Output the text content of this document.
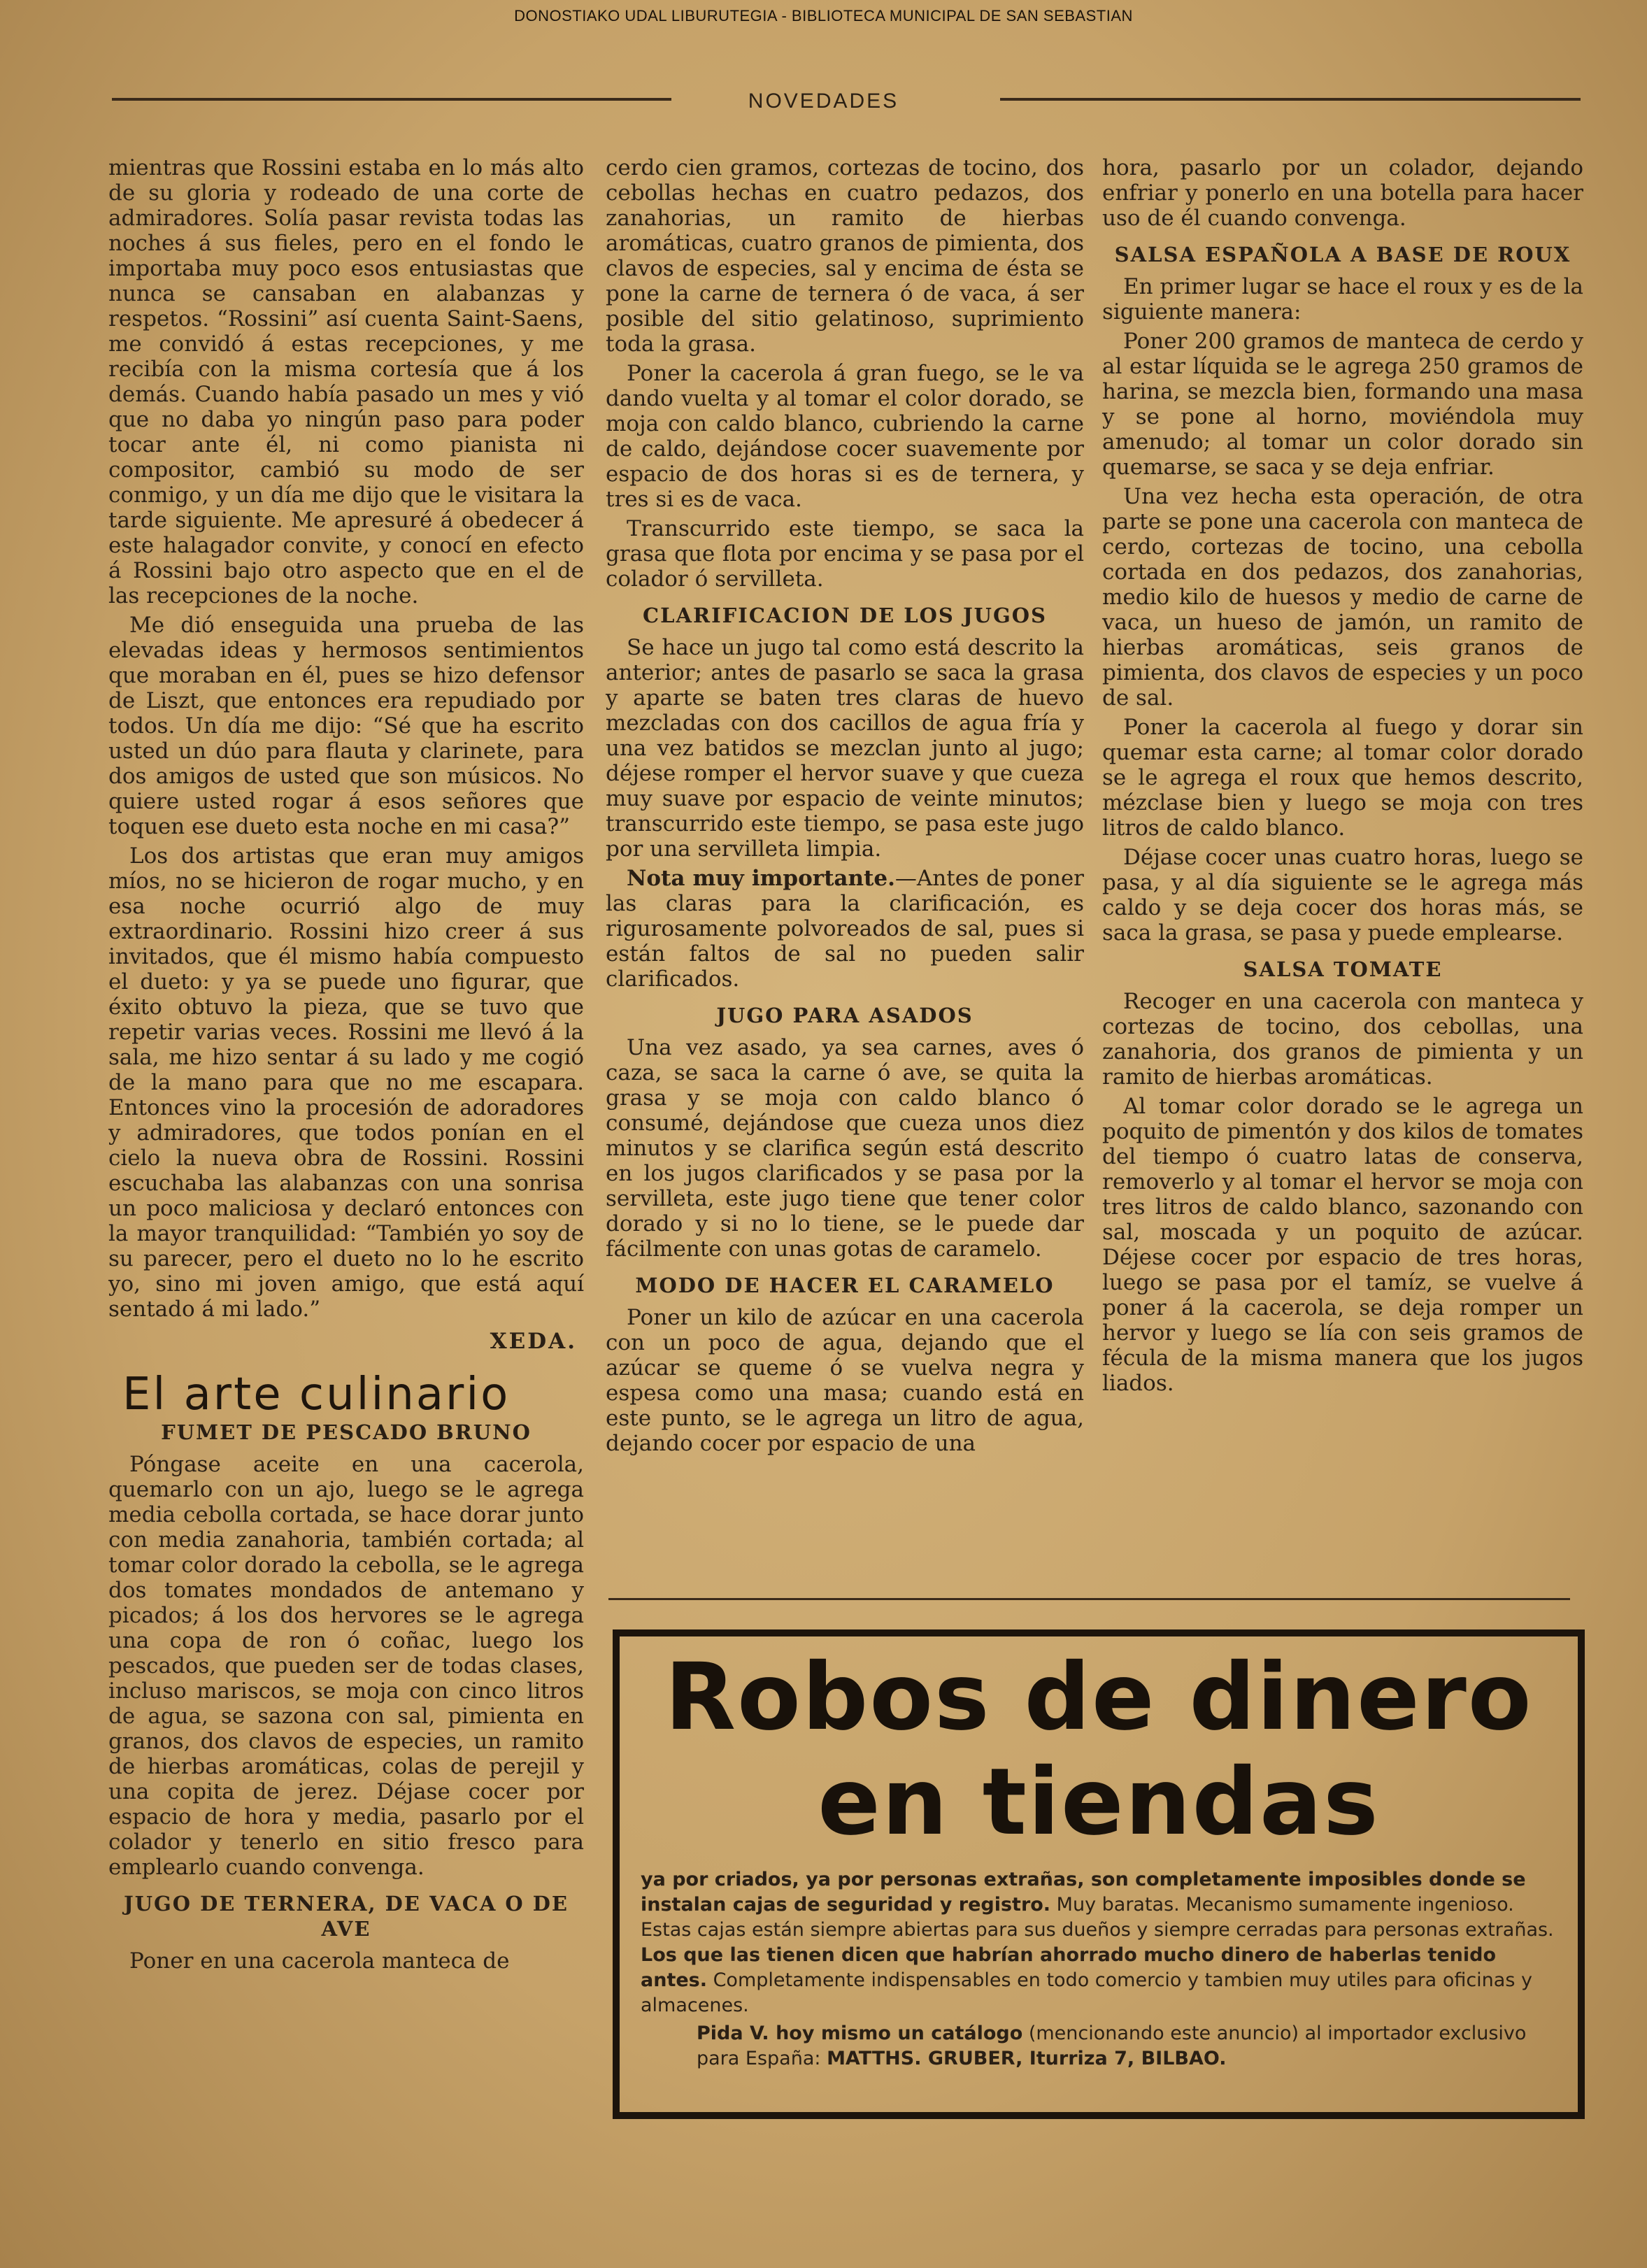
DONOSTIAKO UDAL LIBURUTEGIA - BIBLIOTECA MUNICIPAL DE SAN SEBASTIAN
NOVEDADES

mientras que Rossini estaba en lo más alto de su gloria y rodeado de una corte de admiradores. Solía pasar revista todas las noches á sus fieles, pero en el fondo le importaba muy poco esos entusiastas que nunca se cansaban en alabanzas y respetos. “Rossini” así cuenta Saint-Saens, me convidó á estas recepciones, y me recibía con la misma cortesía que á los demás. Cuando había pasado un mes y vió que no daba yo ningún paso para poder tocar ante él, ni como pianista ni compositor, cambió su modo de ser conmigo, y un día me dijo que le visitara la tarde siguiente. Me apresuré á obedecer á este halagador convite, y conocí en efecto á Rossini bajo otro aspecto que en el de las recepciones de la noche.

Me dió enseguida una prueba de las elevadas ideas y hermosos sentimientos que moraban en él, pues se hizo defensor de Liszt, que entonces era repudiado por todos. Un día me dijo: “Sé que ha escrito usted un dúo para flauta y clarinete, para dos amigos de usted que son músicos. No quiere usted rogar á esos señores que toquen ese dueto esta noche en mi casa?”

Los dos artistas que eran muy amigos míos, no se hicieron de rogar mucho, y en esa noche ocurrió algo de muy extraordinario. Rossini hizo creer á sus invitados, que él mismo había compuesto el dueto: y ya se puede uno figurar, que éxito obtuvo la pieza, que se tuvo que repetir varias veces. Rossini me llevó á la sala, me hizo sentar á su lado y me cogió de la mano para que no me escapara. Entonces vino la procesión de adoradores y admiradores, que todos ponían en el cielo la nueva obra de Rossini. Rossini escuchaba las alabanzas con una sonrisa un poco maliciosa y declaró entonces con la mayor tranquilidad: “También yo soy de su parecer, pero el dueto no lo he escrito yo, sino mi joven amigo, que está aquí sentado á mi lado.”

XEDA.
El arte culinario
FUMET DE PESCADO BRUNO

Póngase aceite en una cacerola, quemarlo con un ajo, luego se le agrega media cebolla cortada, se hace dorar junto con media zanahoria, también cortada; al tomar color dorado la cebolla, se le agrega dos tomates mondados de antemano y picados; á los dos hervores se le agrega una copa de ron ó coñac, luego los pescados, que pueden ser de todas clases, incluso mariscos, se moja con cinco litros de agua, se sazona con sal, pimienta en granos, dos clavos de especies, un ramito de hierbas aromáticas, colas de perejil y una copita de jerez. Déjase cocer por espacio de hora y media, pasarlo por el colador y tenerlo en sitio fresco para emplearlo cuando convenga.

JUGO DE TERNERA, DE VACA O DE AVE

Poner en una cacerola manteca de

cerdo cien gramos, cortezas de tocino, dos cebollas hechas en cuatro pedazos, dos zanahorias, un ramito de hierbas aromáticas, cuatro granos de pimienta, dos clavos de especies, sal y encima de ésta se pone la carne de ternera ó de vaca, á ser posible del sitio gelatinoso, suprimiento toda la grasa.

Poner la cacerola á gran fuego, se le va dando vuelta y al tomar el color dorado, se moja con caldo blanco, cubriendo la carne de caldo, dejándose cocer suavemente por espacio de dos horas si es de ternera, y tres si es de vaca.

Transcurrido este tiempo, se saca la grasa que flota por encima y se pasa por el colador ó servilleta.

CLARIFICACION DE LOS JUGOS

Se hace un jugo tal como está descrito la anterior; antes de pasarlo se saca la grasa y aparte se baten tres claras de huevo mezcladas con dos cacillos de agua fría y una vez batidos se mezclan junto al jugo; déjese romper el hervor suave y que cueza muy suave por espacio de veinte minutos; transcurrido este tiempo, se pasa este jugo por una servilleta limpia.

Nota muy importante.—Antes de poner las claras para la clarificación, es rigurosamente polvoreados de sal, pues si están faltos de sal no pueden salir clarificados.

JUGO PARA ASADOS

Una vez asado, ya sea carnes, aves ó caza, se saca la carne ó ave, se quita la grasa y se moja con caldo blanco ó consumé, dejándose que cueza unos diez minutos y se clarifica según está descrito en los jugos clarificados y se pasa por la servilleta, este jugo tiene que tener color dorado y si no lo tiene, se le puede dar fácilmente con unas gotas de caramelo.

MODO DE HACER EL CARAMELO

Poner un kilo de azúcar en una cacerola con un poco de agua, dejando que el azúcar se queme ó se vuelva negra y espesa como una masa; cuando está en este punto, se le agrega un litro de agua, dejando cocer por espacio de una

hora, pasarlo por un colador, dejando enfriar y ponerlo en una botella para hacer uso de él cuando convenga.

SALSA ESPAÑOLA A BASE DE ROUX

En primer lugar se hace el roux y es de la siguiente manera:

Poner 200 gramos de manteca de cerdo y al estar líquida se le agrega 250 gramos de harina, se mezcla bien, formando una masa y se pone al horno, moviéndola muy amenudo; al tomar un color dorado sin quemarse, se saca y se deja enfriar.

Una vez hecha esta operación, de otra parte se pone una cacerola con manteca de cerdo, cortezas de tocino, una cebolla cortada en dos pedazos, dos zanahorias, medio kilo de huesos y medio de carne de vaca, un hueso de jamón, un ramito de hierbas aromáticas, seis granos de pimienta, dos clavos de especies y un poco de sal.

Poner la cacerola al fuego y dorar sin quemar esta carne; al tomar color dorado se le agrega el roux que hemos descrito, mézclase bien y luego se moja con tres litros de caldo blanco.

Déjase cocer unas cuatro horas, luego se pasa, y al día siguiente se le agrega más caldo y se deja cocer dos horas más, se saca la grasa, se pasa y puede emplearse.

SALSA TOMATE

Recoger en una cacerola con manteca y cortezas de tocino, dos cebollas, una zanahoria, dos granos de pimienta y un ramito de hierbas aromáticas.

Al tomar color dorado se le agrega un poquito de pimentón y dos kilos de tomates del tiempo ó cuatro latas de conserva, removerlo y al tomar el hervor se moja con tres litros de caldo blanco, sazonando con sal, moscada y un poquito de azúcar. Déjese cocer por espacio de tres horas, luego se pasa por el tamíz, se vuelve á poner á la cacerola, se deja romper un hervor y luego se lía con seis gramos de fécula de la misma manera que los jugos liados.

Robos de dinero
en tiendas
ya por criados, ya por personas extrañas, son completamente imposibles donde se instalan cajas de seguridad y registro. Muy baratas. Mecanismo sumamente ingenioso. Estas cajas están siempre abiertas para sus dueños y siempre cerradas para personas extrañas. Los que las tienen dicen que habrían ahorrado mucho dinero de haberlas tenido antes. Completamente indispensables en todo comercio y tambien muy utiles para oficinas y almacenes.
Pida V. hoy mismo un catálogo (mencionando este anuncio) al importador exclusivo para España: MATTHS. GRUBER, Iturriza 7, BILBAO.
